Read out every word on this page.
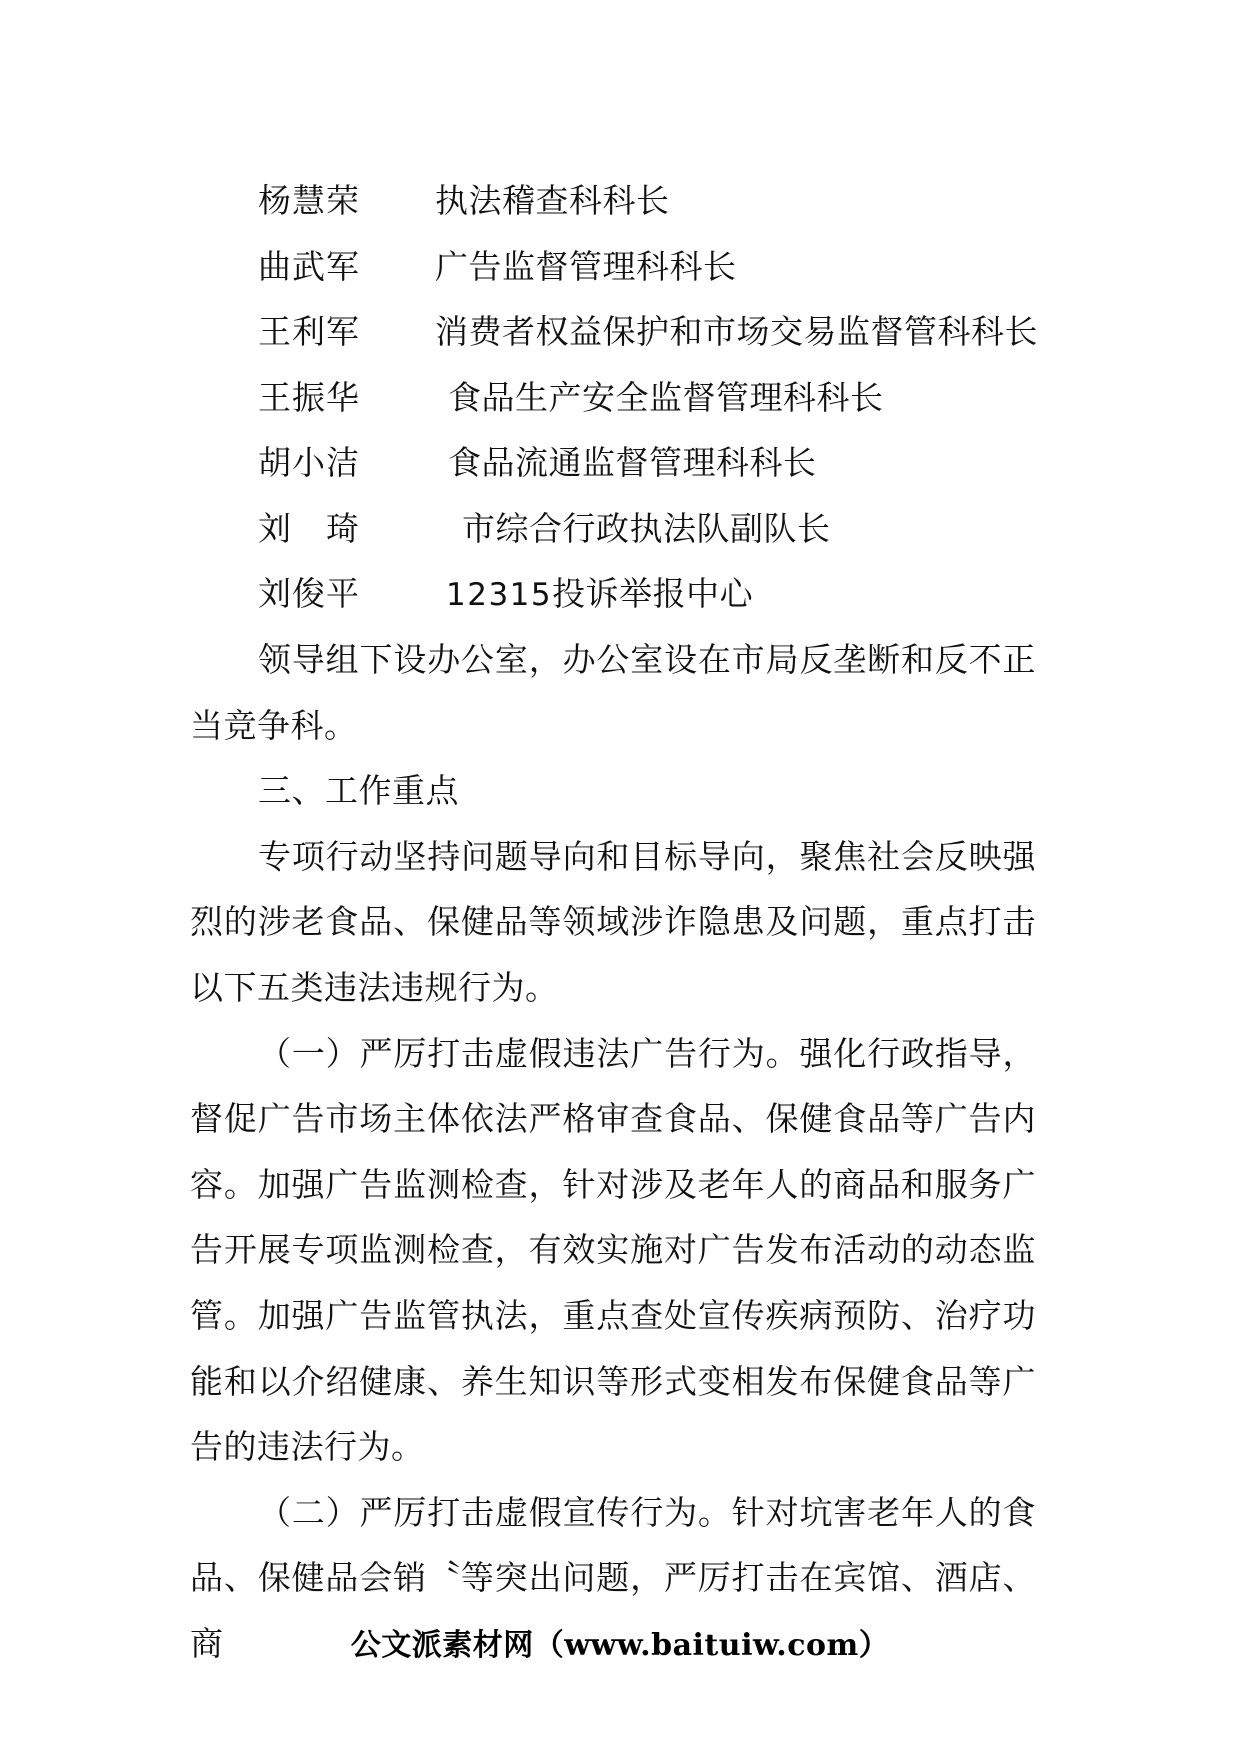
杨慧荣 执法稽查科科长
曲武军 广告监督管理科科长
王利军 消费者权益保护和市场交易监督管科科长
王振华	食品生产安全监督管理科科长
胡小洁	食品流通监督管理科科长
刘　琦	市综合行政执法队副队长
刘俊平	12315投诉举报中心

领导组下设办公室，办公室设在市局反垄断和反不正当竞争科。

三、工作重点

专项行动坚持问题导向和目标导向，聚焦社会反映强烈的涉老食品、保健品等领域涉诈隐患及问题，重点打击以下五类违法违规行为。

（一）严厉打击虚假违法广告行为。强化行政指导，督促广告市场主体依法严格审查食品、保健食品等广告内容。加强广告监测检查，针对涉及老年人的商品和服务广告开展专项监测检查，有效实施对广告发布活动的动态监管。加强广告监管执法，重点查处宣传疾病预防、治疗功能和以介绍健康、养生知识等形式变相发布保健食品等广告的违法行为。

（二）严厉打击虚假宣传行为。针对坑害老年人的食品、保健品会销〝等突出问题，严厉打击在宾馆、酒店、商	公文派素材网（www.baituiw.com）
